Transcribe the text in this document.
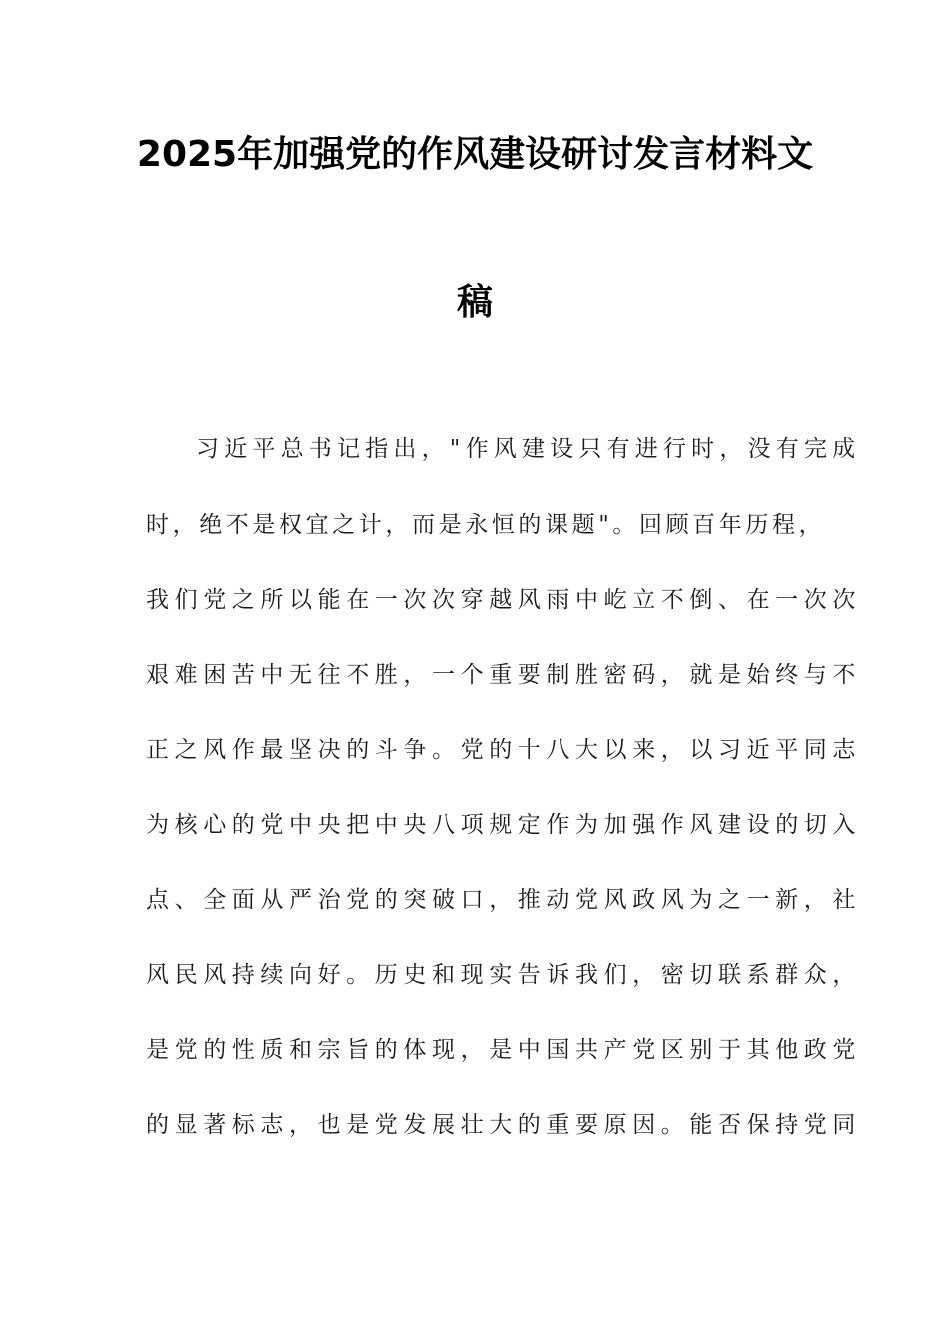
2025年加强党的作风建设研讨发言材料文
稿
习近平总书记指出，"作风建设只有进行时，没有完成
时，绝不是权宜之计，而是永恒的课题"。回顾百年历程，
我们党之所以能在一次次穿越风雨中屹立不倒、在一次次
艰难困苦中无往不胜，一个重要制胜密码，就是始终与不
正之风作最坚决的斗争。党的十八大以来，以习近平同志
为核心的党中央把中央八项规定作为加强作风建设的切入
点、全面从严治党的突破口，推动党风政风为之一新，社
风民风持续向好。历史和现实告诉我们，密切联系群众，
是党的性质和宗旨的体现，是中国共产党区别于其他政党
的显著标志，也是党发展壮大的重要原因。能否保持党同
